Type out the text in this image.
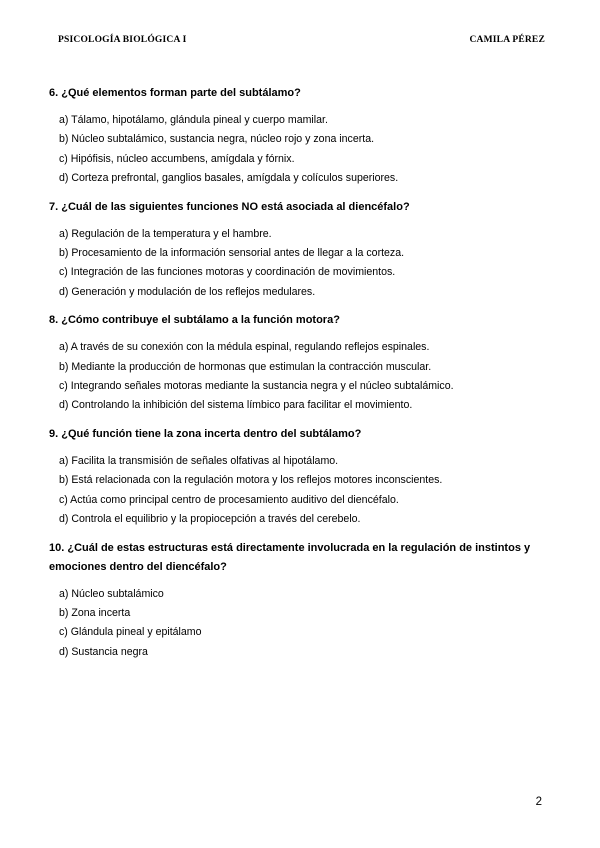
PSICOLOGÍA BIOLÓGICA I	CAMILA PÉREZ

6. ¿Qué elementos forman parte del subtálamo?

a) Tálamo, hipotálamo, glándula pineal y cuerpo mamilar.
b) Núcleo subtalámico, sustancia negra, núcleo rojo y zona incerta.
c) Hipófisis, núcleo accumbens, amígdala y fórnix.
d) Corteza prefrontal, ganglios basales, amígdala y colículos superiores.

7. ¿Cuál de las siguientes funciones NO está asociada al diencéfalo?

a) Regulación de la temperatura y el hambre.
b) Procesamiento de la información sensorial antes de llegar a la corteza.
c) Integración de las funciones motoras y coordinación de movimientos.
d) Generación y modulación de los reflejos medulares.

8. ¿Cómo contribuye el subtálamo a la función motora?

a) A través de su conexión con la médula espinal, regulando reflejos espinales.
b) Mediante la producción de hormonas que estimulan la contracción muscular.
c) Integrando señales motoras mediante la sustancia negra y el núcleo subtalámico.
d) Controlando la inhibición del sistema límbico para facilitar el movimiento.

9. ¿Qué función tiene la zona incerta dentro del subtálamo?

a) Facilita la transmisión de señales olfativas al hipotálamo.
b) Está relacionada con la regulación motora y los reflejos motores inconscientes.
c) Actúa como principal centro de procesamiento auditivo del diencéfalo.
d) Controla el equilibrio y la propiocepción a través del cerebelo.

10. ¿Cuál de estas estructuras está directamente involucrada en la regulación de instintos y emociones dentro del diencéfalo?

a) Núcleo subtalámico
b) Zona incerta
c) Glándula pineal y epitálamo
d) Sustancia negra
2
